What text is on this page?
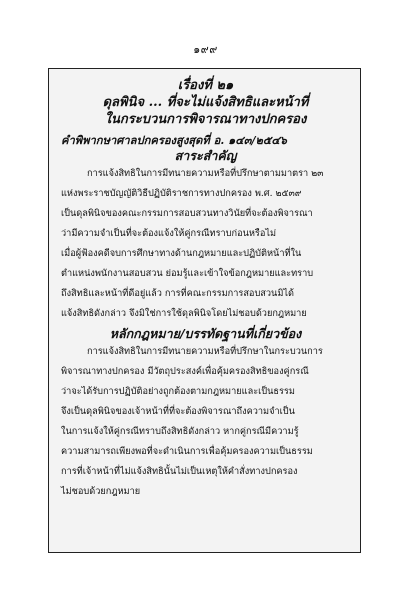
๑๙๙
เรื่องที่ ๒๑
ดุลพินิจ ... ที่จะไม่แจ้งสิทธิและหน้าที่
ในกระบวนการพิจารณาทางปกครอง
คำพิพากษาศาลปกครองสูงสุดที่ อ. ๑๔๓/๒๕๔๖
สาระสำคัญ
การแจ้งสิทธิในการมีทนายความหรือที่ปรึกษาตามมาตรา ๒๓
แห่งพระราชบัญญัติวิธีปฏิบัติราชการทางปกครอง พ.ศ. ๒๕๓๙
เป็นดุลพินิจของคณะกรรมการสอบสวนทางวินัยที่จะต้องพิจารณา
ว่ามีความจำเป็นที่จะต้องแจ้งให้คู่กรณีทราบก่อนหรือไม่
เมื่อผู้ฟ้องคดีจบการศึกษาทางด้านกฎหมายและปฏิบัติหน้าที่ใน
ตำแหน่งพนักงานสอบสวน ย่อมรู้และเข้าใจข้อกฎหมายและทราบ
ถึงสิทธิและหน้าที่ดีอยู่แล้ว การที่คณะกรรมการสอบสวนมิได้
แจ้งสิทธิดังกล่าว จึงมิใช่การใช้ดุลพินิจโดยไม่ชอบด้วยกฎหมาย
หลักกฎหมาย/บรรทัดฐานที่เกี่ยวข้อง
การแจ้งสิทธิในการมีทนายความหรือที่ปรึกษาในกระบวนการ
พิจารณาทางปกครอง มีวัตถุประสงค์เพื่อคุ้มครองสิทธิของคู่กรณี
ว่าจะได้รับการปฏิบัติอย่างถูกต้องตามกฎหมายและเป็นธรรม
จึงเป็นดุลพินิจของเจ้าหน้าที่ที่จะต้องพิจารณาถึงความจำเป็น
ในการแจ้งให้คู่กรณีทราบถึงสิทธิดังกล่าว หากคู่กรณีมีความรู้
ความสามารถเพียงพอที่จะดำเนินการเพื่อคุ้มครองความเป็นธรรม
การที่เจ้าหน้าที่ไม่แจ้งสิทธินั้นไม่เป็นเหตุให้คำสั่งทางปกครอง
ไม่ชอบด้วยกฎหมาย
